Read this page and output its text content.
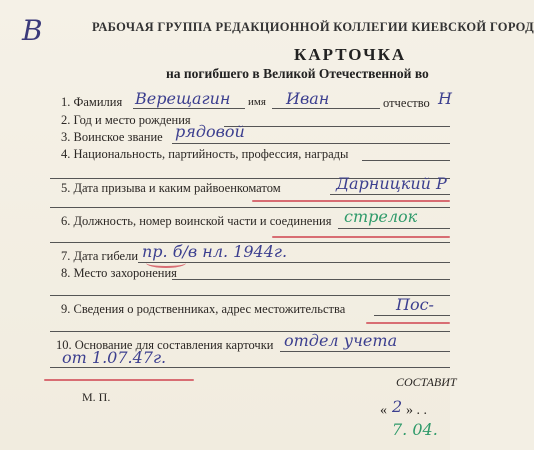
В	РАБОЧАЯ ГРУППА РЕДАКЦИОННОЙ КОЛЛЕГИИ КИЕВСКОЙ ГОРОД
КАРТОЧКА
на погибшего в Великой Отечественной во
1. Фамилия Верещагин имя Иван	отчество Н
2. Год и место рождения
3. Воинское звание рядовой
4. Национальность, партийность, профессия, награды
5. Дата призыва и каким райвоенкоматом	Дарницкий Р
6. Должность, номер воинской части и соединения стрелок
7. Дата гибели пр. б/в нл. 1944г.
8. Место захоронения
9. Сведения о родственниках, адрес местожительства	Пос-
10. Основание для составления карточки отдел учета
от 1.07.47г.
М. П.
СОСТАВИТ
« 2 » . .
7. 04.
